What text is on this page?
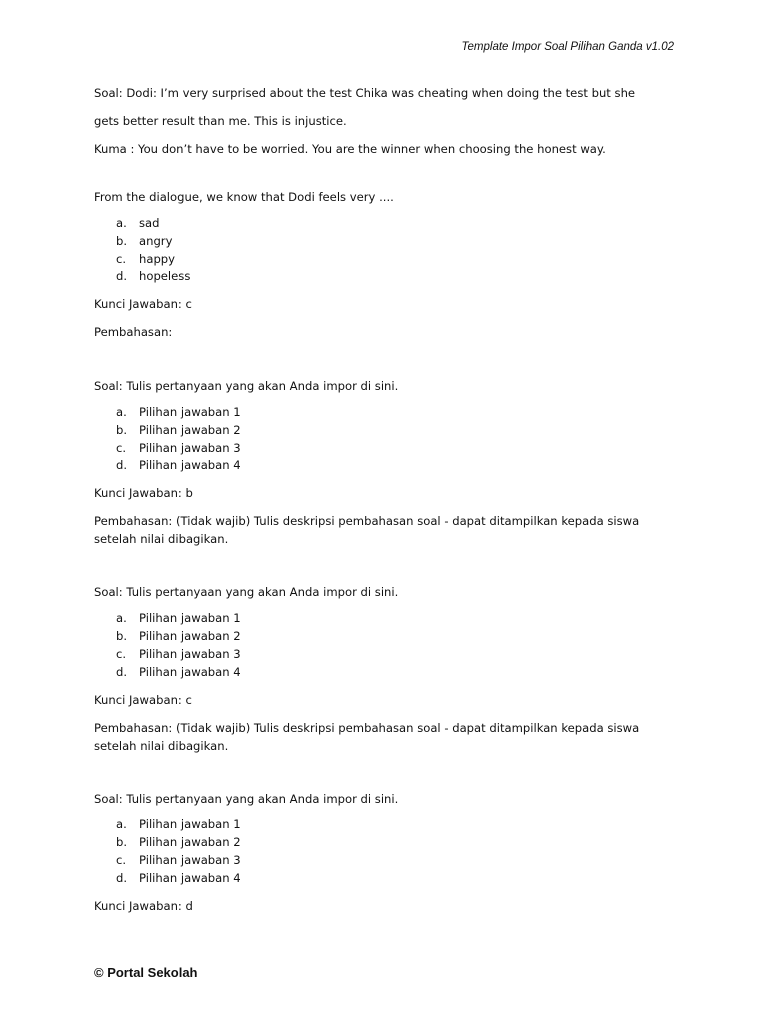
Template Impor Soal Pilihan Ganda v1.02

Soal: Dodi: I’m very surprised about the test Chika was cheating when doing the test but she

gets better result than me. This is injustice.

Kuma : You don’t have to be worried. You are the winner when choosing the honest way.

From the dialogue, we know that Dodi feels very ....

a.	sad
b.	angry
c.	happy
d.	hopeless

Kunci Jawaban: c

Pembahasan:

Soal: Tulis pertanyaan yang akan Anda impor di sini.

a.	Pilihan jawaban 1
b.	Pilihan jawaban 2
c.	Pilihan jawaban 3
d.	Pilihan jawaban 4

Kunci Jawaban: b

Pembahasan: (Tidak wajib) Tulis deskripsi pembahasan soal - dapat ditampilkan kepada siswa setelah nilai dibagikan.

Soal: Tulis pertanyaan yang akan Anda impor di sini.

a.	Pilihan jawaban 1
b.	Pilihan jawaban 2
c.	Pilihan jawaban 3
d.	Pilihan jawaban 4

Kunci Jawaban: c

Pembahasan: (Tidak wajib) Tulis deskripsi pembahasan soal - dapat ditampilkan kepada siswa setelah nilai dibagikan.

Soal: Tulis pertanyaan yang akan Anda impor di sini.

a.	Pilihan jawaban 1
b.	Pilihan jawaban 2
c.	Pilihan jawaban 3
d.	Pilihan jawaban 4

Kunci Jawaban: d

© Portal Sekolah
